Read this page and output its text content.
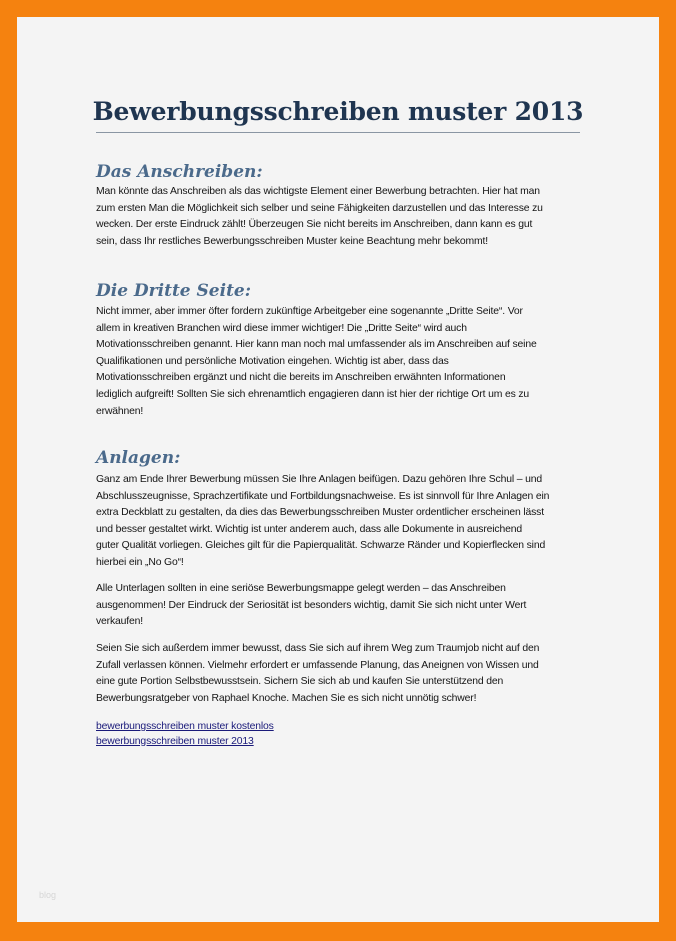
Bewerbungsschreiben muster 2013
Das Anschreiben:
Man könnte das Anschreiben als das wichtigste Element einer Bewerbung betrachten. Hier hat man
zum ersten Man die Möglichkeit sich selber und seine Fähigkeiten darzustellen und das Interesse zu
wecken. Der erste Eindruck zählt! Überzeugen Sie nicht bereits im Anschreiben, dann kann es gut
sein, dass Ihr restliches Bewerbungsschreiben Muster keine Beachtung mehr bekommt!
Die Dritte Seite:
Nicht immer, aber immer öfter fordern zukünftige Arbeitgeber eine sogenannte „Dritte Seite“. Vor
allem in kreativen Branchen wird diese immer wichtiger! Die „Dritte Seite“ wird auch
Motivationsschreiben genannt. Hier kann man noch mal umfassender als im Anschreiben auf seine
Qualifikationen und persönliche Motivation eingehen. Wichtig ist aber, dass das
Motivationsschreiben ergänzt und nicht die bereits im Anschreiben erwähnten Informationen
lediglich aufgreift! Sollten Sie sich ehrenamtlich engagieren dann ist hier der richtige Ort um es zu
erwähnen!
Anlagen:
Ganz am Ende Ihrer Bewerbung müssen Sie Ihre Anlagen beifügen. Dazu gehören Ihre Schul – und
Abschlusszeugnisse, Sprachzertifikate und Fortbildungsnachweise. Es ist sinnvoll für Ihre Anlagen ein
extra Deckblatt zu gestalten, da dies das Bewerbungsschreiben Muster ordentlicher erscheinen lässt
und besser gestaltet wirkt. Wichtig ist unter anderem auch, dass alle Dokumente in ausreichend
guter Qualität vorliegen. Gleiches gilt für die Papierqualität. Schwarze Ränder und Kopierflecken sind
hierbei ein „No Go“!
Alle Unterlagen sollten in eine seriöse Bewerbungsmappe gelegt werden – das Anschreiben
ausgenommen! Der Eindruck der Seriosität ist besonders wichtig, damit Sie sich nicht unter Wert
verkaufen!
Seien Sie sich außerdem immer bewusst, dass Sie sich auf ihrem Weg zum Traumjob nicht auf den
Zufall verlassen können. Vielmehr erfordert er umfassende Planung, das Aneignen von Wissen und
eine gute Portion Selbstbewusstsein. Sichern Sie sich ab und kaufen Sie unterstützend den
Bewerbungsratgeber von Raphael Knoche. Machen Sie es sich nicht unnötig schwer!
bewerbungsschreiben muster kostenlos
bewerbungsschreiben muster 2013
blog
